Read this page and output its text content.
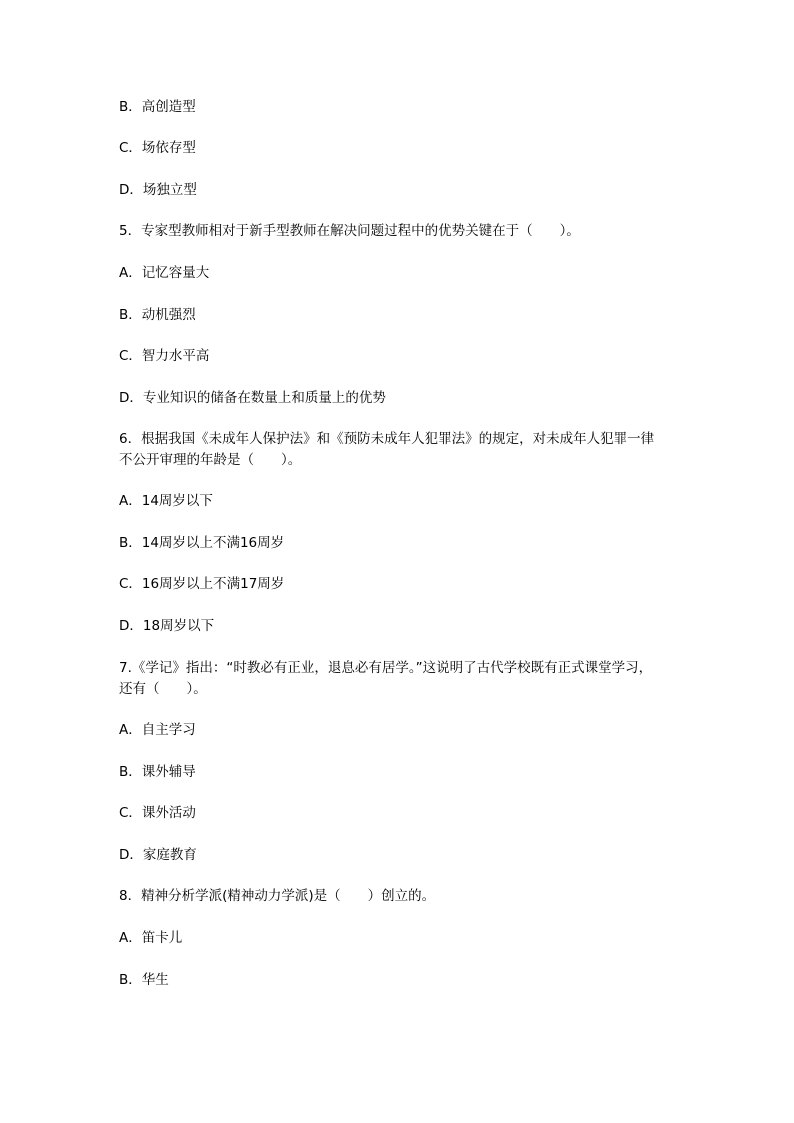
B．高创造型
C．场依存型
D．场独立型
5．专家型教师相对于新手型教师在解决问题过程中的优势关键在于（　　）。
A．记忆容量大
B．动机强烈
C．智力水平高
D．专业知识的储备在数量上和质量上的优势
6．根据我国《未成年人保护法》和《预防未成年人犯罪法》的规定，对未成年人犯罪一律
不公开审理的年龄是（　　）。
A．14周岁以下
B．14周岁以上不满16周岁
C．16周岁以上不满17周岁
D．18周岁以下
7.《学记》指出：“时教必有正业，退息必有居学。”这说明了古代学校既有正式课堂学习，
还有（　　）。
A．自主学习
B．课外辅导
C．课外活动
D．家庭教育
8．精神分析学派(精神动力学派)是（　　）创立的。
A．笛卡儿
B．华生
